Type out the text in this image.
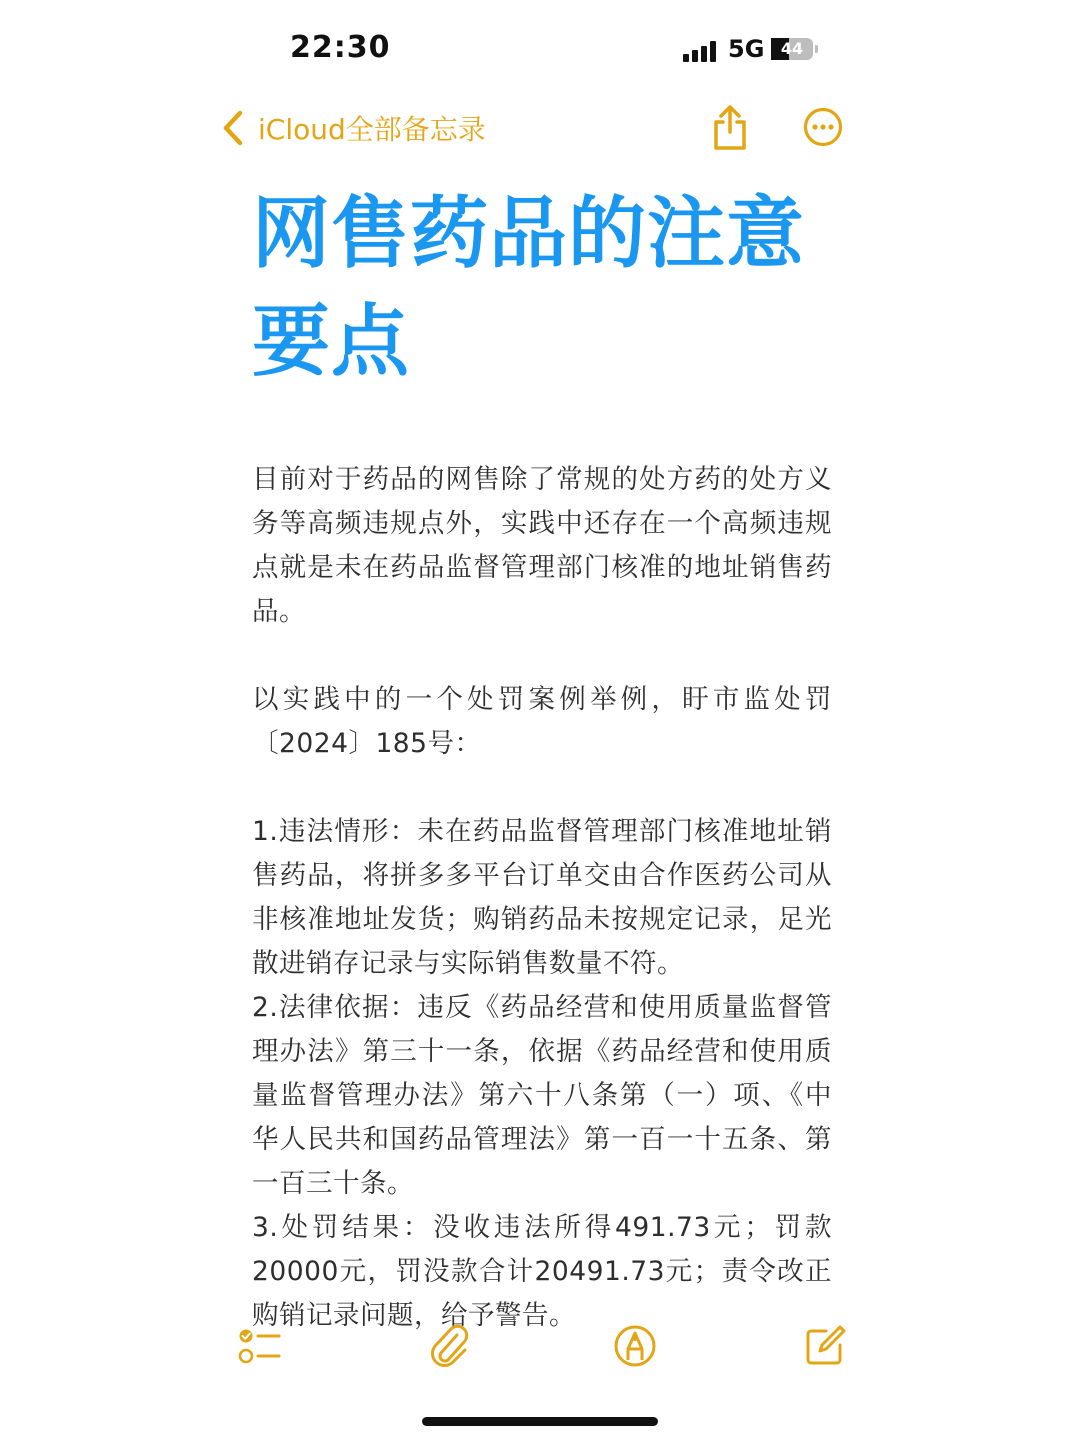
22:30	5G	44
iCloud全部备忘录
网售药品的注意
要点

目前对于药品的网售除了常规的处方药的处方义务等高频违规点外，实践中还存在一个高频违规点就是未在药品监督管理部门核准的地址销售药品。

以实践中的一个处罚案例举例，盱市监处罚〔2024〕185号：

1.违法情形：未在药品监督管理部门核准地址销售药品，将拼多多平台订单交由合作医药公司从非核准地址发货；购销药品未按规定记录，足光散进销存记录与实际销售数量不符。

2.法律依据：违反《药品经营和使用质量监督管理办法》第三十一条，依据《药品经营和使用质量监督管理办法》第六十八条第（一）项、《中华人民共和国药品管理法》第一百一十五条、第一百三十条。

3.处罚结果：没收违法所得491.73元；罚款20000元，罚没款合计20491.73元；责令改正购销记录问题，给予警告。
